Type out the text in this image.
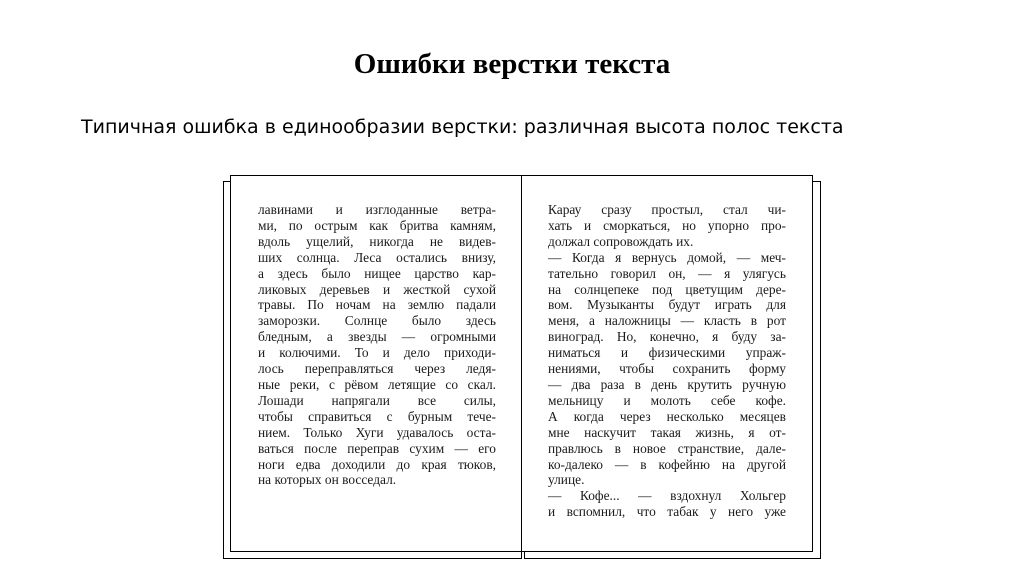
Ошибки верстки текста
Типичная ошибка в единообразии верстки: различная высота полос текста
лавинами и изглоданные ветра-
ми, по острым как бритва камням,
вдоль ущелий, никогда не видев-
ших солнца. Леса остались внизу,
а здесь было нищее царство кар-
ликовых деревьев и жесткой сухой
травы. По ночам на землю падали
заморозки. Солнце было здесь
бледным, а звезды — огромными
и колючими. То и дело приходи-
лось переправляться через ледя-
ные реки, с рёвом летящие со скал.
Лошади напрягали все силы,
чтобы справиться с бурным тече-
нием. Только Хуги удавалось оста-
ваться после переправ сухим — его
ноги едва доходили до края тюков,
на которых он восседал.
Карау сразу простыл, стал чи-
хать и сморкаться, но упорно про-
должал сопровождать их.
— Когда я вернусь домой, — меч-
тательно говорил он, — я улягусь
на солнцепеке под цветущим дере-
вом. Музыканты будут играть для
меня, а наложницы — класть в рот
виноград. Но, конечно, я буду за-
ниматься и физическими упраж-
нениями, чтобы сохранить форму
— два раза в день крутить ручную
мельницу и молоть себе кофе.
А когда через несколько месяцев
мне наскучит такая жизнь, я от-
правлюсь в новое странствие, дале-
ко-далеко — в кофейню на другой
улице.
— Кофе... — вздохнул Хольгер
и вспомнил, что табак у него уже
